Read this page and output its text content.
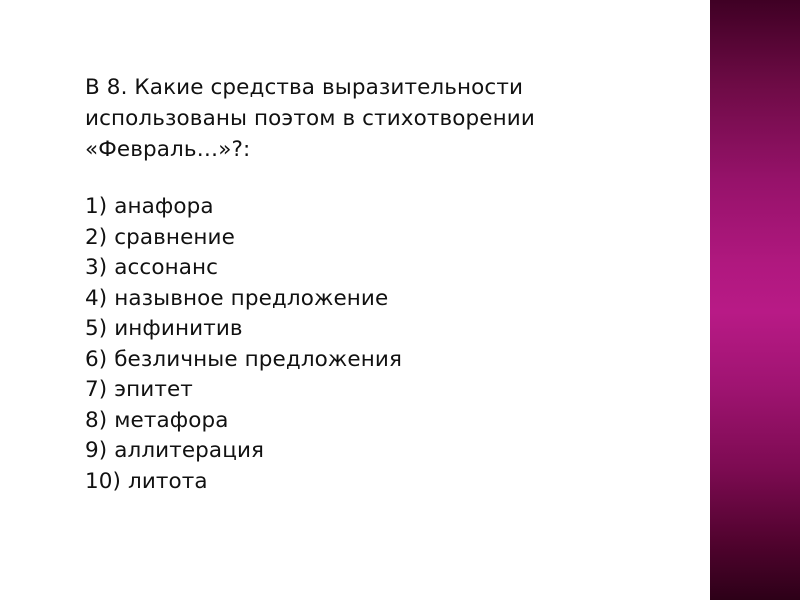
В 8. Какие средства выразительности использованы поэтом в стихотворении «Февраль…»?:
1) анафора
2) сравнение
3) ассонанс
4) назывное предложение
5) инфинитив
6) безличные предложения
7) эпитет
8) метафора
9) аллитерация
10) литота
